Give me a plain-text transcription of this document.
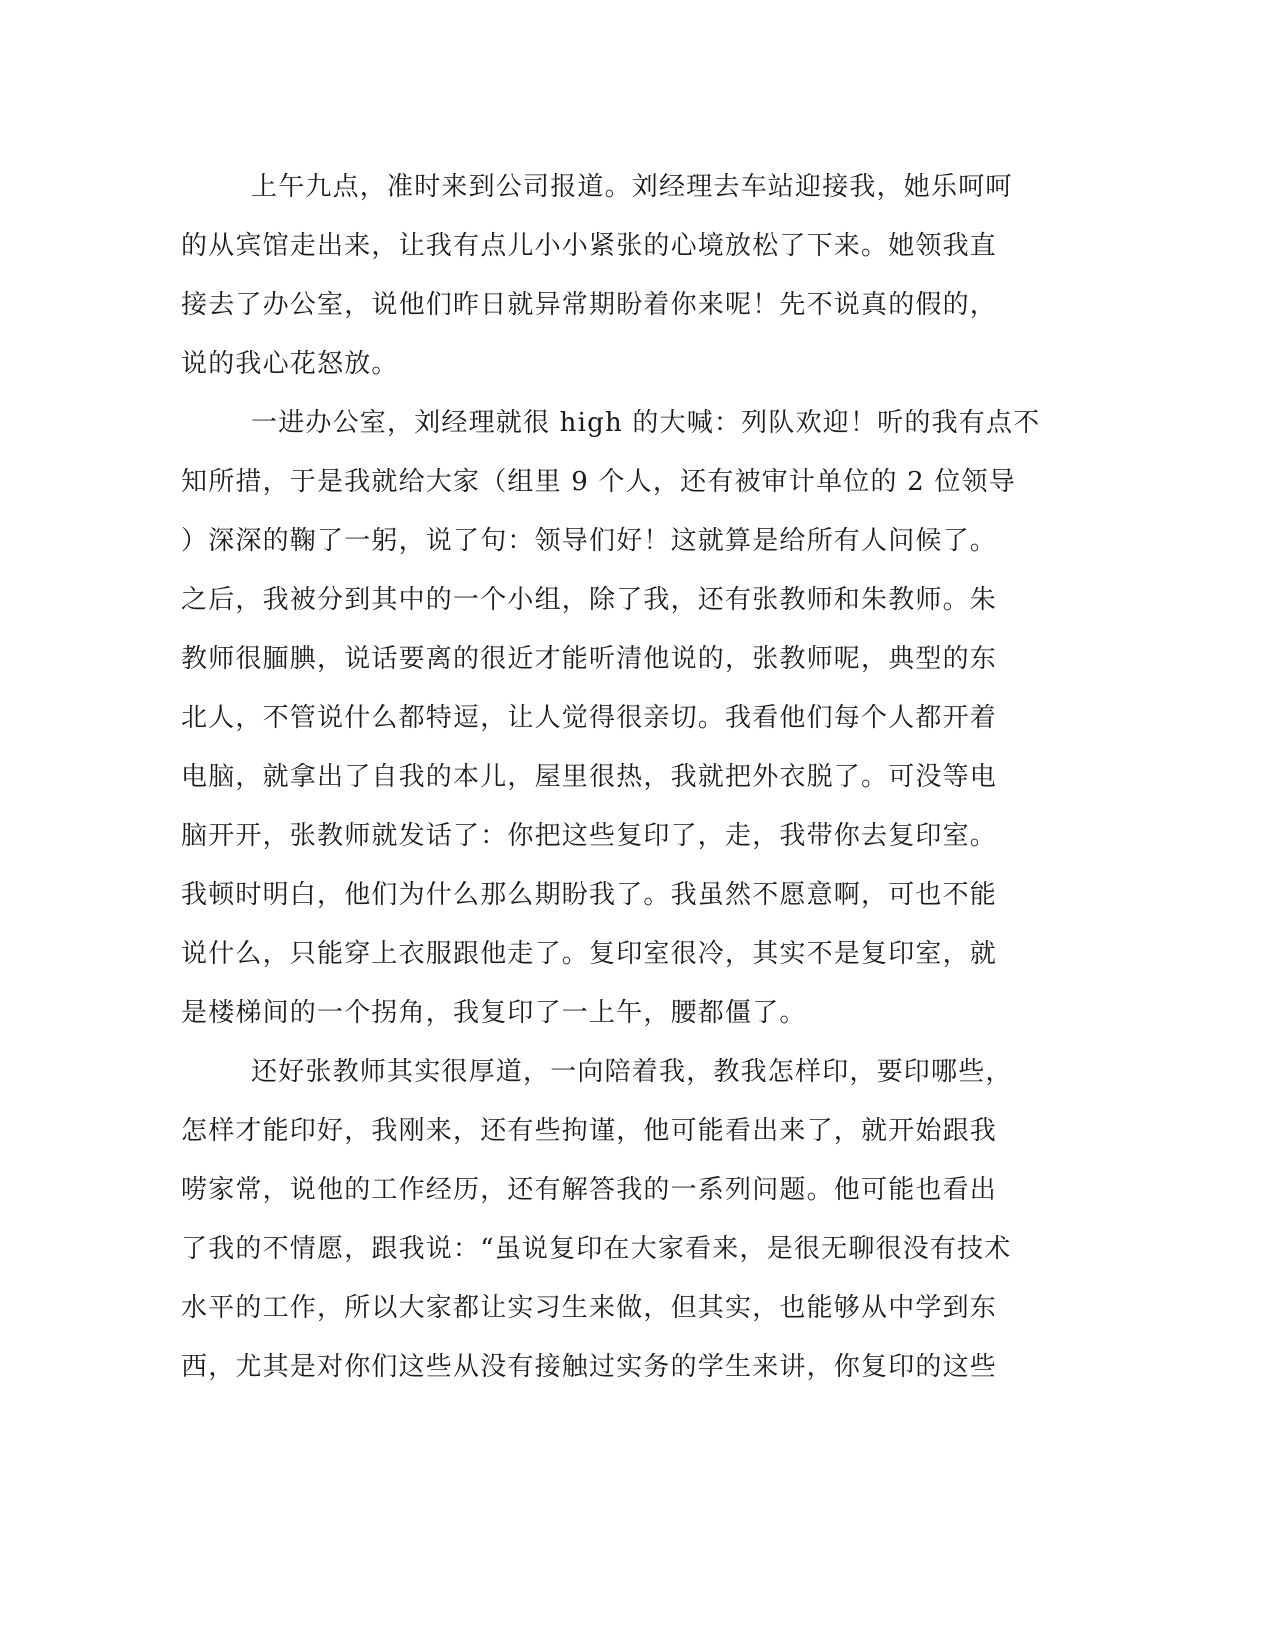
上午九点，准时来到公司报道。刘经理去车站迎接我，她乐呵呵
的从宾馆走出来，让我有点儿小小紧张的心境放松了下来。她领我直
接去了办公室，说他们昨日就异常期盼着你来呢！先不说真的假的，
说的我心花怒放。
一进办公室，刘经理就很 high 的大喊：列队欢迎！听的我有点不
知所措，于是我就给大家（组里 9 个人，还有被审计单位的 2 位领导
）深深的鞠了一躬，说了句：领导们好！这就算是给所有人问候了。
之后，我被分到其中的一个小组，除了我，还有张教师和朱教师。朱
教师很腼腆，说话要离的很近才能听清他说的，张教师呢，典型的东
北人，不管说什么都特逗，让人觉得很亲切。我看他们每个人都开着
电脑，就拿出了自我的本儿，屋里很热，我就把外衣脱了。可没等电
脑开开，张教师就发话了：你把这些复印了，走，我带你去复印室。
我顿时明白，他们为什么那么期盼我了。我虽然不愿意啊，可也不能
说什么，只能穿上衣服跟他走了。复印室很冷，其实不是复印室，就
是楼梯间的一个拐角，我复印了一上午，腰都僵了。
还好张教师其实很厚道，一向陪着我，教我怎样印，要印哪些，
怎样才能印好，我刚来，还有些拘谨，他可能看出来了，就开始跟我
唠家常，说他的工作经历，还有解答我的一系列问题。他可能也看出
了我的不情愿，跟我说：“虽说复印在大家看来，是很无聊很没有技术
水平的工作，所以大家都让实习生来做，但其实，也能够从中学到东
西，尤其是对你们这些从没有接触过实务的学生来讲，你复印的这些
